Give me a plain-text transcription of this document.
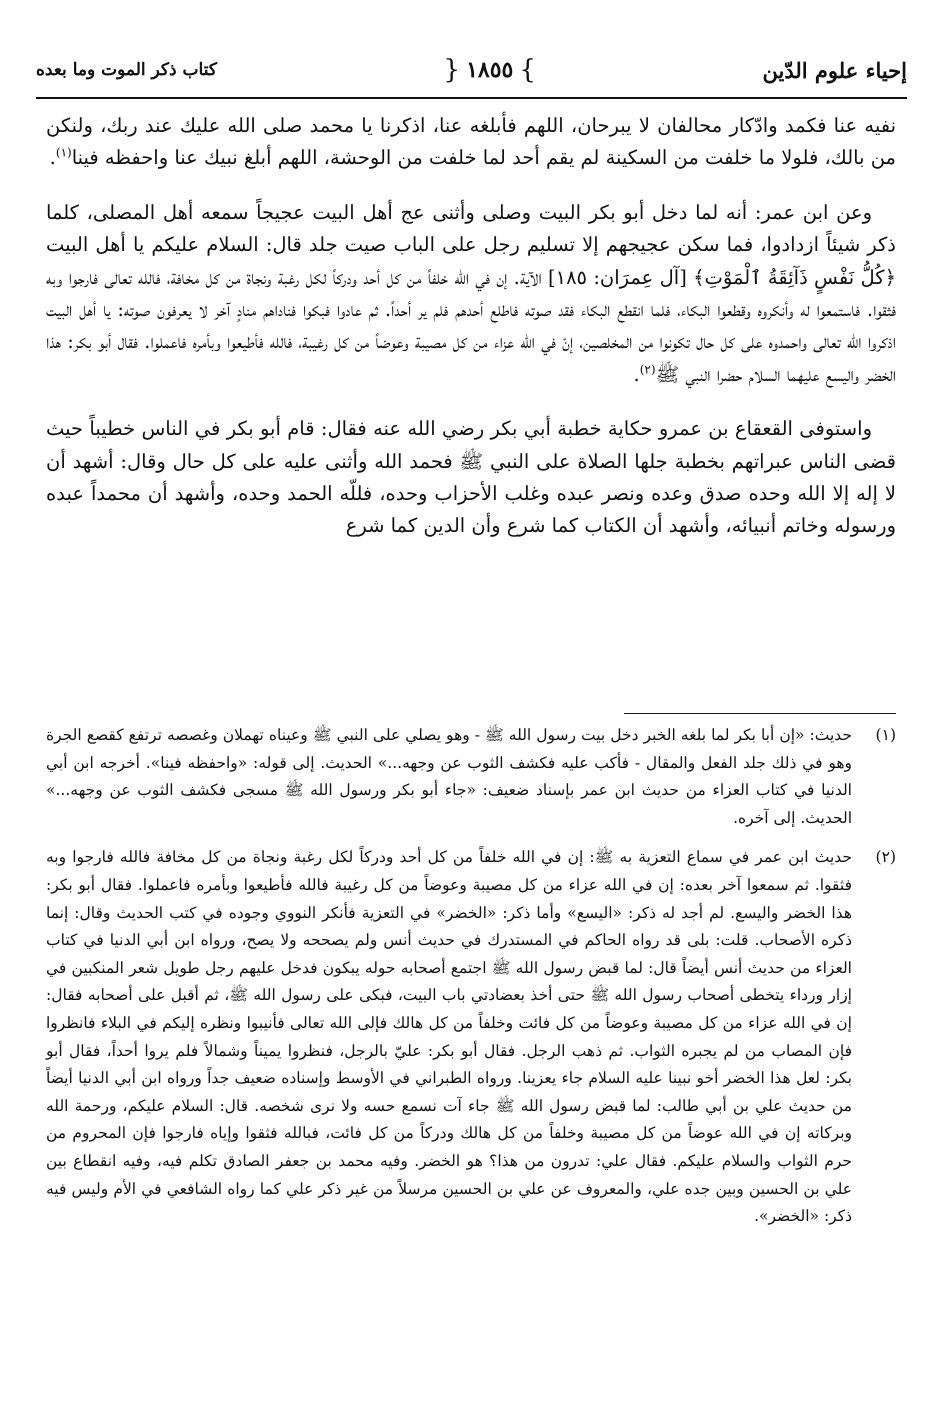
إحياء علوم الدّين
}
١٨٥٥
{
كتاب ذكر الموت وما بعده

نفيه عنا فكمد وادّكار محالفان لا يبرحان، اللهم فأبلغه عنا، اذكرنا يا محمد صلى الله عليك عند ربك، ولنكن من بالك، فلولا ما خلفت من السكينة لم يقم أحد لما خلفت من الوحشة، اللهم أبلغ نبيك عنا واحفظه فينا$^{(١)}$.

وعن ابن عمر: أنه لما دخل أبو بكر البيت وصلى وأثنى عج أهل البيت عجيجاً سمعه أهل المصلى، كلما ذكر شيئاً ازدادوا، فما سكن عجيجهم إلا تسليم رجل على الباب صيت جلد قال: السلام عليكم يا أهل البيت ﴿كُلُّ نَفْسٍ ذَآئِقَةُ ٱلْمَوْتِ﴾ [آل عِمرَان: ١٨٥] الآية. إن في الله خلفاً من كل أحد ودركاً لكل رغبة ونجاة من كل مخافة، فالله تعالى فارجوا وبه فثقوا. فاستمعوا له وأنكروه وقطعوا البكاء، فلما انقطع البكاء فقد صوته فاطلع أحدهم فلم ير أحداً. ثم عادوا فبكوا فناداهم منادٍ آخر لا يعرفون صوته: يا أهل البيت اذكروا الله تعالى واحمدوه على كل حال تكونوا من المخلصين، إنّ في الله عزاء من كل مصيبة وعوضاً من كل رغيبة، فالله فأطيعوا وبأمره فاعملوا. فقال أبو بكر: هذا الخضر واليسع عليهما السلام حضرا النبي ﷺ$^{(٢)}$.

واستوفى القعقاع بن عمرو حكاية خطبة أبي بكر رضي الله عنه فقال: قام أبو بكر في الناس خطيباً حيث قضى الناس عبراتهم بخطبة جلها الصلاة على النبي ﷺ فحمد الله وأثنى عليه على كل حال وقال: أشهد أن لا إله إلا الله وحده صدق وعده ونصر عبده وغلب الأحزاب وحده، فللّه الحمد وحده، وأشهد أن محمداً عبده ورسوله وخاتم أنبيائه، وأشهد أن الكتاب كما شرع وأن الدين كما شرع

(١)
حديث: «إن أبا بكر لما بلغه الخبر دخل بيت رسول الله ﷺ - وهو يصلي على النبي ﷺ وعيناه تهملان وغصصه ترتفع كقصع الجرة وهو في ذلك جلد الفعل والمقال - فأكب عليه فكشف الثوب عن وجهه...» الحديث. إلى قوله: «واحفظه فينا». أخرجه ابن أبي الدنيا في كتاب العزاء من حديث ابن عمر بإسناد ضعيف: «جاء أبو بكر ورسول الله ﷺ مسجى فكشف الثوب عن وجهه...» الحديث. إلى آخره.
(٢)
حديث ابن عمر في سماع التعزية به ﷺ: إن في الله خلفاً من كل أحد ودركاً لكل رغبة ونجاة من كل مخافة فالله فارجوا وبه فثقوا. ثم سمعوا آخر بعده: إن في الله عزاء من كل مصيبة وعوضاً من كل رغيبة فالله فأطيعوا وبأمره فاعملوا. فقال أبو بكر: هذا الخضر واليسع. لم أجد له ذكر: «اليسع» وأما ذكر: «الخضر» في التعزية فأنكر النووي وجوده في كتب الحديث وقال: إنما ذكره الأصحاب. قلت: بلى قد رواه الحاكم في المستدرك في حديث أنس ولم يصححه ولا يصح، ورواه ابن أبي الدنيا في كتاب العزاء من حديث أنس أيضاً قال: لما قبض رسول الله ﷺ اجتمع أصحابه حوله يبكون فدخل عليهم رجل طويل شعر المنكبين في إزار ورداء يتخطى أصحاب رسول الله ﷺ حتى أخذ بعضادتي باب البيت، فبكى على رسول الله ﷺ، ثم أقبل على أصحابه فقال: إن في الله عزاء من كل مصيبة وعوضاً من كل فائت وخلفاً من كل هالك فإلى الله تعالى فأنيبوا ونظره إليكم في البلاء فانظروا فإن المصاب من لم يجبره الثواب. ثم ذهب الرجل. فقال أبو بكر: عليّ بالرجل، فنظروا يميناً وشمالاً فلم يروا أحداً، فقال أبو بكر: لعل هذا الخضر أخو نبينا عليه السلام جاء يعزينا. ورواه الطبراني في الأوسط وإسناده ضعيف جداً ورواه ابن أبي الدنيا أيضاً من حديث علي بن أبي طالب: لما قبض رسول الله ﷺ جاء آت نسمع حسه ولا نرى شخصه. قال: السلام عليكم، ورحمة الله وبركاته إن في الله عوضاً من كل مصيبة وخلفاً من كل هالك ودركاً من كل فائت، فبالله فثقوا وإياه فارجوا فإن المحروم من حرم الثواب والسلام عليكم. فقال علي: تدرون من هذا؟ هو الخضر. وفيه محمد بن جعفر الصادق تكلم فيه، وفيه انقطاع بين علي بن الحسين وبين جده علي، والمعروف عن علي بن الحسين مرسلاً من غير ذكر علي كما رواه الشافعي في الأم وليس فيه ذكر: «الخضر».
